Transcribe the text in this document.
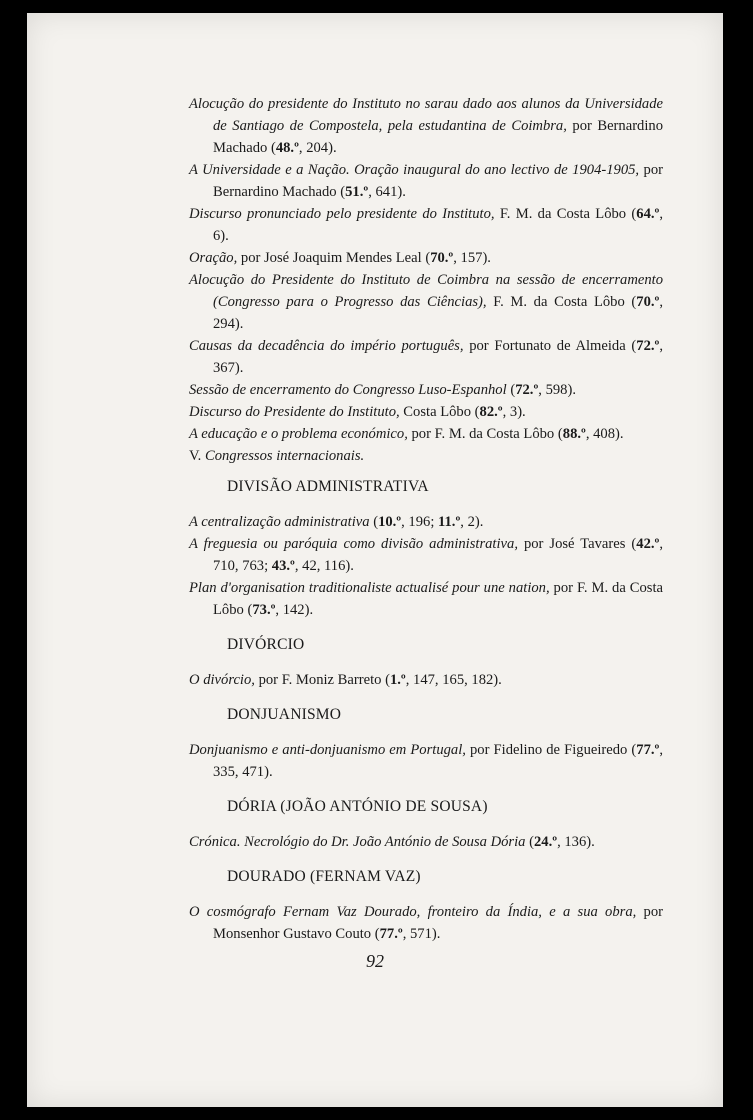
Alocução do presidente do Instituto no sarau dado aos alunos da Universidade de Santiago de Compostela, pela estudantina de Coimbra, por Bernardino Machado (48.º, 204).
A Universidade e a Nação. Oração inaugural do ano lectivo de 1904-1905, por Bernardino Machado (51.º, 641).
Discurso pronunciado pelo presidente do Instituto, F. M. da Costa Lôbo (64.º, 6).
Oração, por José Joaquim Mendes Leal (70.º, 157).
Alocução do Presidente do Instituto de Coimbra na sessão de encerramento (Congresso para o Progresso das Ciências), F. M. da Costa Lôbo (70.º, 294).
Causas da decadência do império português, por Fortunato de Almeida (72.º, 367).
Sessão de encerramento do Congresso Luso-Espanhol (72.º, 598).
Discurso do Presidente do Instituto, Costa Lôbo (82.º, 3).
A educação e o problema económico, por F. M. da Costa Lôbo (88.º, 408).
V. Congressos internacionais.
DIVISÃO ADMINISTRATIVA
A centralização administrativa (10.º, 196; 11.º, 2).
A freguesia ou paróquia como divisão administrativa, por José Tavares (42.º, 710, 763; 43.º, 42, 116).
Plan d'organisation traditionaliste actualisé pour une nation, por F. M. da Costa Lôbo (73.º, 142).
DIVÓRCIO
O divórcio, por F. Moniz Barreto (1.º, 147, 165, 182).
DONJUANISMO
Donjuanismo e anti-donjuanismo em Portugal, por Fidelino de Figueiredo (77.º, 335, 471).
DÓRIA (JOÃO ANTÓNIO DE SOUSA)
Crónica. Necrológio do Dr. João António de Sousa Dória (24.º, 136).
DOURADO (FERNAM VAZ)
O cosmógrafo Fernam Vaz Dourado, fronteiro da Índia, e a sua obra, por Monsenhor Gustavo Couto (77.º, 571).
92
